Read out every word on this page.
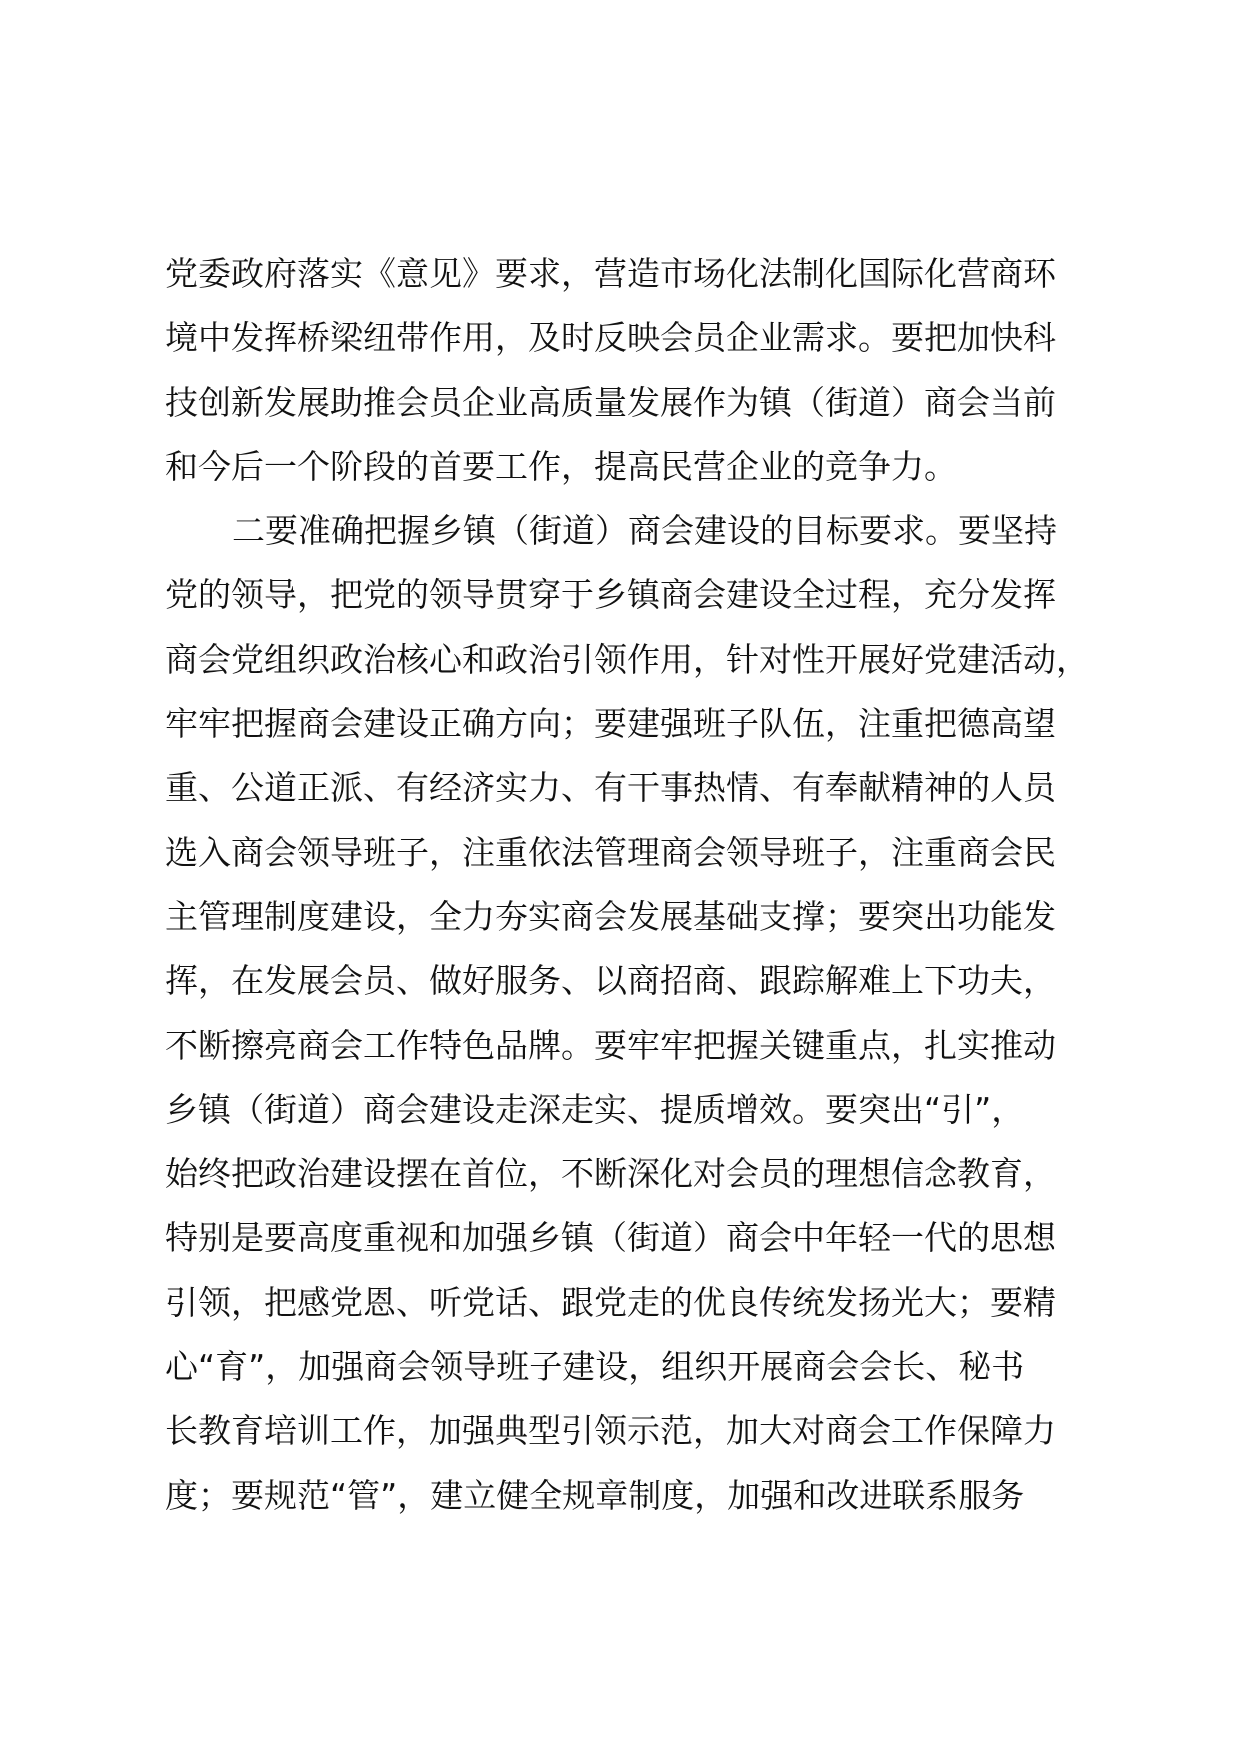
党委政府落实《意见》要求，营造市场化法制化国际化营商环

境中发挥桥梁纽带作用，及时反映会员企业需求。要把加快科

技创新发展助推会员企业高质量发展作为镇（街道）商会当前

和今后一个阶段的首要工作，提高民营企业的竞争力。

二要准确把握乡镇（街道）商会建设的目标要求。要坚持

党的领导，把党的领导贯穿于乡镇商会建设全过程，充分发挥

商会党组织政治核心和政治引领作用，针对性开展好党建活动，

牢牢把握商会建设正确方向；要建强班子队伍，注重把德高望

重、公道正派、有经济实力、有干事热情、有奉献精神的人员

选入商会领导班子，注重依法管理商会领导班子，注重商会民

主管理制度建设，全力夯实商会发展基础支撑；要突出功能发

挥，在发展会员、做好服务、以商招商、跟踪解难上下功夫，

不断擦亮商会工作特色品牌。要牢牢把握关键重点，扎实推动

乡镇（街道）商会建设走深走实、提质增效。要突出“引”，

始终把政治建设摆在首位，不断深化对会员的理想信念教育，

特别是要高度重视和加强乡镇（街道）商会中年轻一代的思想

引领，把感党恩、听党话、跟党走的优良传统发扬光大；要精

心“育”，加强商会领导班子建设，组织开展商会会长、秘书

长教育培训工作，加强典型引领示范，加大对商会工作保障力

度；要规范“管”，建立健全规章制度，加强和改进联系服务
